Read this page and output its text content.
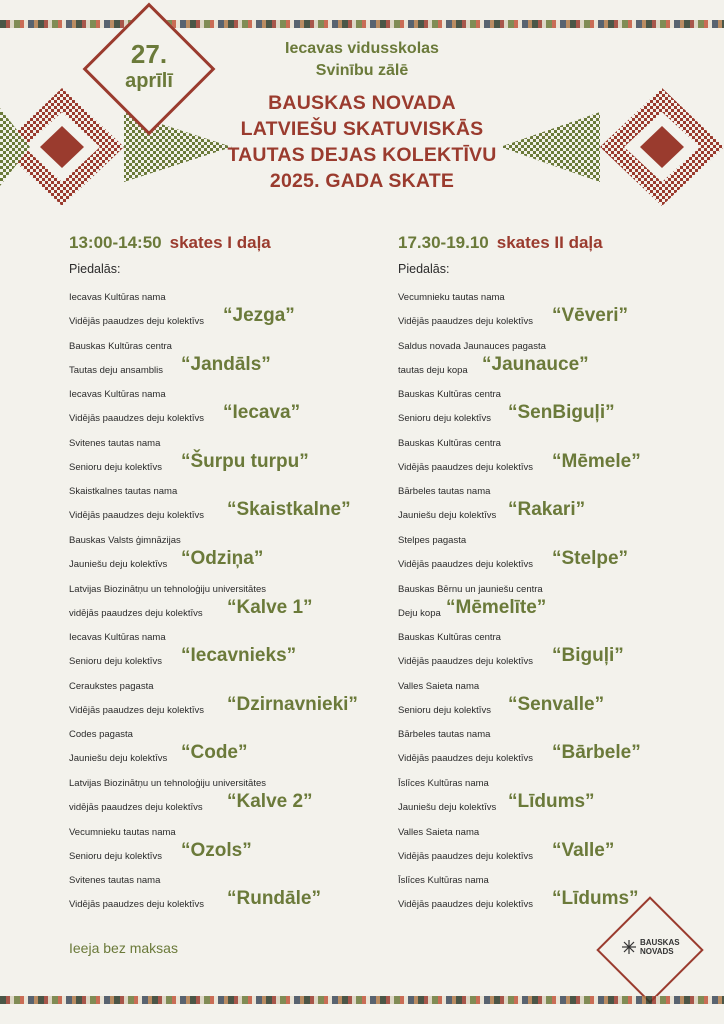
27.
aprīlī
Iecavas vidusskolas
Svinību zālē
BAUSKAS NOVADA
LATVIEŠU SKATUVISKĀS
TAUTAS DEJAS KOLEKTĪVU
2025. GADA SKATE
13:00-14:50 skates I daļa
Piedalās:
Iecavas Kultūras nama
Vidējās paaudzes deju kolektīvs “Jezga”
Bauskas Kultūras centra
Tautas deju ansamblis “Jandāls”
Iecavas Kultūras nama
Vidējās paaudzes deju kolektīvs “Iecava”
Svitenes tautas nama
Senioru deju kolektīvs “Šurpu turpu”
Skaistkalnes tautas nama
Vidējās paaudzes deju kolektīvs “Skaistkalne”
Bauskas Valsts ģimnāzijas
Jauniešu deju kolektīvs “Odziņa”
Latvijas Biozinātņu un tehnoloģiju universitātes
vidējās paaudzes deju kolektīvs “Kalve 1”
Iecavas Kultūras nama
Senioru deju kolektīvs “Iecavnieks”
Ceraukstes pagasta
Vidējās paaudzes deju kolektīvs “Dzirnavnieki”
Codes pagasta
Jauniešu deju kolektīvs “Code”
Latvijas Biozinātņu un tehnoloģiju universitātes
vidējās paaudzes deju kolektīvs “Kalve 2”
Vecumnieku tautas nama
Senioru deju kolektīvs “Ozols”
Svitenes tautas nama
Vidējās paaudzes deju kolektīvs “Rundāle”
17.30-19.10 skates II daļa
Piedalās:
Vecumnieku tautas nama
Vidējās paaudzes deju kolektīvs “Vēveri”
Saldus novada Jaunauces pagasta
tautas deju kopa “Jaunauce”
Bauskas Kultūras centra
Senioru deju kolektīvs “SenBiguļi”
Bauskas Kultūras centra
Vidējās paaudzes deju kolektīvs “Mēmele”
Bārbeles tautas nama
Jauniešu deju kolektīvs “Rakari”
Stelpes pagasta
Vidējās paaudzes deju kolektīvs “Stelpe”
Bauskas Bērnu un jauniešu centra
Deju kopa “Mēmelīte”
Bauskas Kultūras centra
Vidējās paaudzes deju kolektīvs “Biguļi”
Valles Saieta nama
Senioru deju kolektīvs “Senvalle”
Bārbeles tautas nama
Vidējās paaudzes deju kolektīvs “Bārbele”
Īslīces Kultūras nama
Jauniešu deju kolektīvs “Līdums”
Valles Saieta nama
Vidējās paaudzes deju kolektīvs “Valle”
Īslīces Kultūras nama
Vidējās paaudzes deju kolektīvs “Līdums”
Ieeja bez maksas	BAUSKAS
NOVADS
